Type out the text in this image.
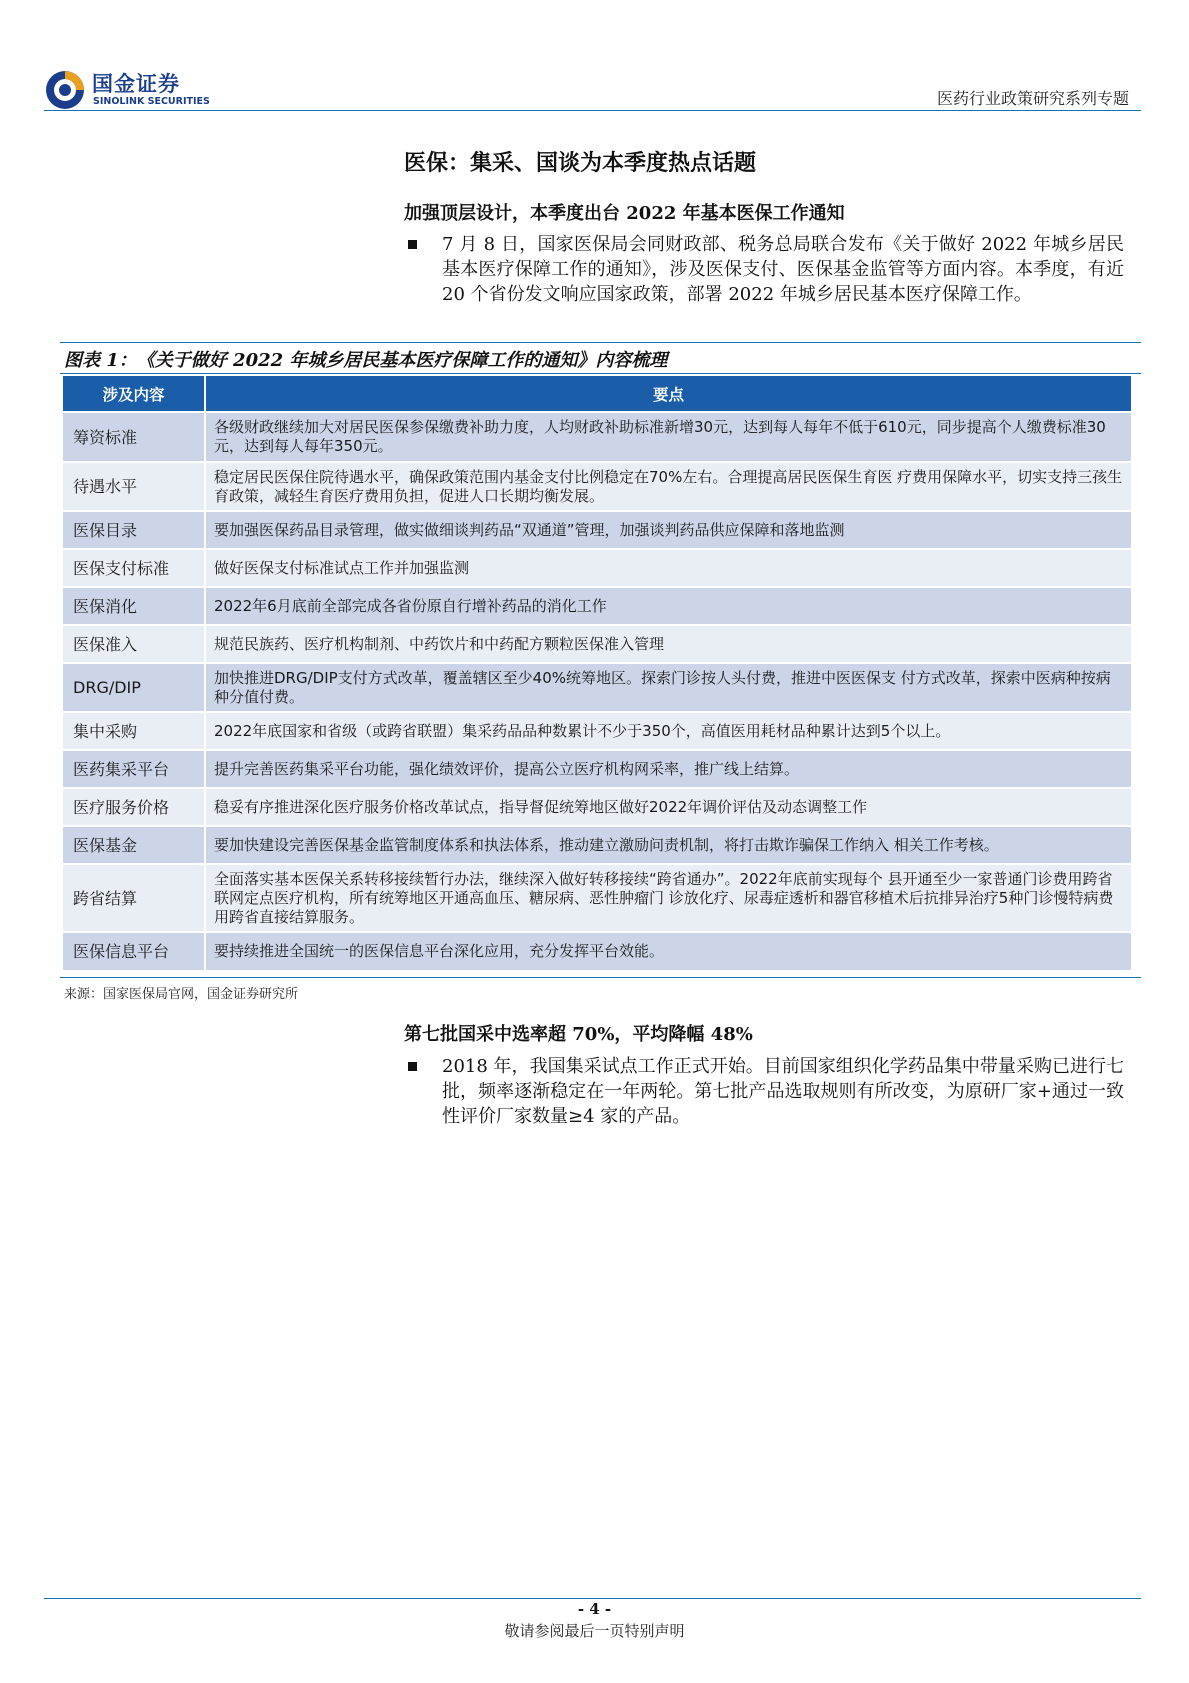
国金证券
SINOLINK SECURITIES	医药行业政策研究系列专题
医保：集采、国谈为本季度热点话题
加强顶层设计，本季度出台 2022 年基本医保工作通知
7 月 8 日，国家医保局会同财政部、税务总局联合发布《关于做好 2022 年城乡居民基本医疗保障工作的通知》，涉及医保支付、医保基金监管等方面内容。本季度，有近 20 个省份发文响应国家政策，部署 2022 年城乡居民基本医疗保障工作。
图表 1：《关于做好 2022 年城乡居民基本医疗保障工作的通知》内容梳理
涉及内容	要点
筹资标准	各级财政继续加大对居民医保参保缴费补助力度，人均财政补助标准新增30元，达到每人每年不低于610元，同步提高个人缴费标准30元，达到每人每年350元。
待遇水平	稳定居民医保住院待遇水平，确保政策范围内基金支付比例稳定在70%左右。合理提高居民医保生育医 疗费用保障水平，切实支持三孩生育政策，减轻生育医疗费用负担，促进人口长期均衡发展。
医保目录	要加强医保药品目录管理，做实做细谈判药品“双通道”管理，加强谈判药品供应保障和落地监测
医保支付标准	做好医保支付标准试点工作并加强监测
医保消化	2022年6月底前全部完成各省份原自行增补药品的消化工作
医保准入	规范民族药、医疗机构制剂、中药饮片和中药配方颗粒医保准入管理
DRG/DIP	加快推进DRG/DIP支付方式改革，覆盖辖区至少40%统筹地区。探索门诊按人头付费，推进中医医保支 付方式改革，探索中医病种按病种分值付费。
集中采购	2022年底国家和省级（或跨省联盟）集采药品品种数累计不少于350个，高值医用耗材品种累计达到5个以上。
医药集采平台	提升完善医药集采平台功能，强化绩效评价，提高公立医疗机构网采率，推广线上结算。
医疗服务价格	稳妥有序推进深化医疗服务价格改革试点，指导督促统筹地区做好2022年调价评估及动态调整工作
医保基金	要加快建设完善医保基金监管制度体系和执法体系，推动建立激励问责机制，将打击欺诈骗保工作纳入 相关工作考核。
跨省结算	全面落实基本医保关系转移接续暂行办法，继续深入做好转移接续“跨省通办”。2022年底前实现每个 县开通至少一家普通门诊费用跨省联网定点医疗机构，所有统筹地区开通高血压、糖尿病、恶性肿瘤门 诊放化疗、尿毒症透析和器官移植术后抗排异治疗5种门诊慢特病费用跨省直接结算服务。
医保信息平台	要持续推进全国统一的医保信息平台深化应用，充分发挥平台效能。
来源：国家医保局官网，国金证券研究所
第七批国采中选率超 70%，平均降幅 48%
2018 年，我国集采试点工作正式开始。目前国家组织化学药品集中带量采购已进行七批，频率逐渐稳定在一年两轮。第七批产品选取规则有所改变，为原研厂家+通过一致性评价厂家数量≥4 家的产品。
- 4 -
敬请参阅最后一页特别声明
